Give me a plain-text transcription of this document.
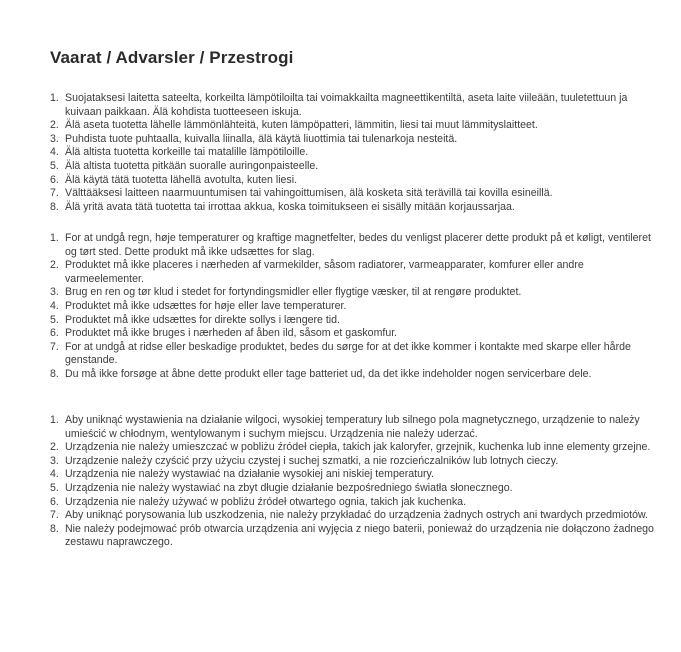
Vaarat / Advarsler / Przestrogi
1. Suojataksesi laitetta sateelta, korkeilta lämpötiloilta tai voimakkailta magneettikentiltä, aseta laite viileään, tuuletettuun ja kuivaan paikkaan. Älä kohdista tuotteeseen iskuja.
2. Älä aseta tuotetta lähelle lämmönlähteitä, kuten lämpöpatteri, lämmitin, liesi tai muut lämmityslaitteet.
3. Puhdista tuote puhtaalla, kuivalla liinalla, älä käytä liuottimia tai tulenarkoja nesteitä.
4. Älä altista tuotetta korkeille tai matalille lämpötiloille.
5. Älä altista tuotetta pitkään suoralle auringonpaisteelle.
6. Älä käytä tätä tuotetta lähellä avotulta, kuten liesi.
7. Välttääksesi laitteen naarmuuntumisen tai vahingoittumisen, älä kosketa sitä terävillä tai kovilla esineillä.
8. Älä yritä avata tätä tuotetta tai irrottaa akkua, koska toimitukseen ei sisälly mitään korjaussarjaa.
1. For at undgå regn, høje temperaturer og kraftige magnetfelter, bedes du venligst placerer dette produkt på et køligt, ventileret og tørt sted. Dette produkt må ikke udsættes for slag.
2. Produktet må ikke placeres i nærheden af varmekilder, såsom radiatorer, varmeapparater, komfurer eller andre varmeelementer.
3. Brug en ren og tør klud i stedet for fortyndingsmidler eller flygtige væsker, til at rengøre produktet.
4. Produktet må ikke udsættes for høje eller lave temperaturer.
5. Produktet må ikke udsættes for direkte sollys i længere tid.
6. Produktet må ikke bruges i nærheden af åben ild, såsom et gaskomfur.
7. For at undgå at ridse eller beskadige produktet, bedes du sørge for at det ikke kommer i kontakte med skarpe eller hårde genstande.
8. Du må ikke forsøge at åbne dette produkt eller tage batteriet ud, da det ikke indeholder nogen servicerbare dele.
1. Aby uniknąć wystawienia na działanie wilgoci, wysokiej temperatury lub silnego pola magnetycznego, urządzenie to należy umieścić w chłodnym, wentylowanym i suchym miejscu. Urządzenia nie należy uderzać.
2. Urządzenia nie należy umieszczać w pobliżu źródeł ciepła, takich jak kaloryfer, grzejnik, kuchenka lub inne elementy grzejne.
3. Urządzenie należy czyścić przy użyciu czystej i suchej szmatki, a nie rozcieńczalników lub lotnych cieczy.
4. Urządzenia nie należy wystawiać na działanie wysokiej ani niskiej temperatury.
5. Urządzenia nie należy wystawiać na zbyt długie działanie bezpośredniego światła słonecznego.
6. Urządzenia nie należy używać w pobliżu źródeł otwartego ognia, takich jak kuchenka.
7. Aby uniknąć porysowania lub uszkodzenia, nie należy przykładać do urządzenia żadnych ostrych ani twardych przedmiotów.
8. Nie należy podejmować prób otwarcia urządzenia ani wyjęcia z niego baterii, ponieważ do urządzenia nie dołączono żadnego zestawu naprawczego.
